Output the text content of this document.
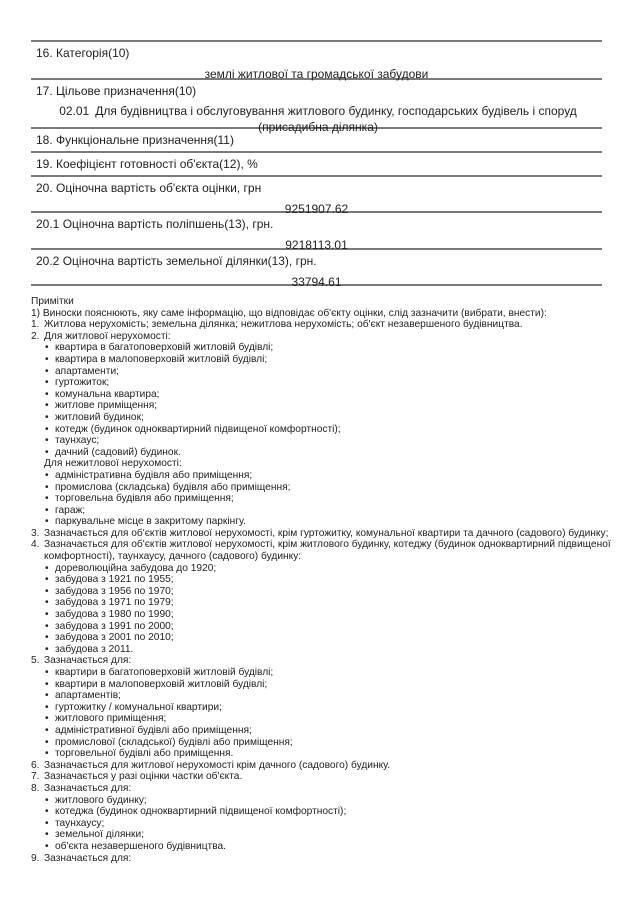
16. Категорія(10)
землі житлової та громадської забудови
17. Цільове призначення(10)
02.01 Для будівництва і обслуговування житлового будинку, господарських будівель і споруд (присадибна ділянка)
18. Функціональне призначення(11)
19. Коефіцієнт готовності об'єкта(12), %
20. Оціночна вартість об'єкта оцінки, грн
9251907.62
20.1 Оціночна вартість поліпшень(13), грн.
9218113.01
20.2 Оціночна вартість земельної ділянки(13), грн.
33794.61
Примітки
1) Виноски пояснюють, яку саме інформацію, що відповідає об'єкту оцінки, слід зазначити (вибрати, внести):
1. Житлова нерухомість; земельна ділянка; нежитлова нерухомість; об'єкт незавершеного будівництва.
2. Для житлової нерухомості:
• квартира в багатоповерховій житловій будівлі;
• квартира в малоповерховій житловій будівлі;
• апартаменти;
• гуртожиток;
• комунальна квартира;
• житлове приміщення;
• житловий будинок;
• котедж (будинок одноквартирний підвищеної комфортності);
• таунхаус;
• дачний (садовий) будинок.
Для нежитлової нерухомості:
• адміністративна будівля або приміщення;
• промислова (складська) будівля або приміщення;
• торговельна будівля або приміщення;
• гараж;
• паркувальне місце в закритому паркінгу.
3. Зазначається для об'єктів житлової нерухомості, крім гуртожитку, комунальної квартири та дачного (садового) будинку;
4. Зазначається для об'єктів житлової нерухомості, крім житлового будинку, котеджу (будинок одноквартирний підвищеної комфортності), таунхаусу, дачного (садового) будинку:
• дореволюційна забудова до 1920;
• забудова з 1921 по 1955;
• забудова з 1956 по 1970;
• забудова з 1971 по 1979;
• забудова з 1980 по 1990;
• забудова з 1991 по 2000;
• забудова з 2001 по 2010;
• забудова з 2011.
5. Зазначається для:
• квартири в багатоповерховій житловій будівлі;
• квартири в малоповерховій житловій будівлі;
• апартаментів;
• гуртожитку / комунальної квартири;
• житлового приміщення;
• адміністративної будівлі або приміщення;
• промислової (складської) будівлі або приміщення;
• торговельної будівлі або приміщення.
6. Зазначається для житлової нерухомості крім дачного (садового) будинку.
7. Зазначається у разі оцінки частки об'єкта.
8. Зазначається для:
• житлового будинку;
• котеджа (будинок одноквартирний підвищеної комфортності);
• таунхаусу;
• земельної ділянки;
• об'єкта незавершеного будівництва.
9. Зазначається для:
